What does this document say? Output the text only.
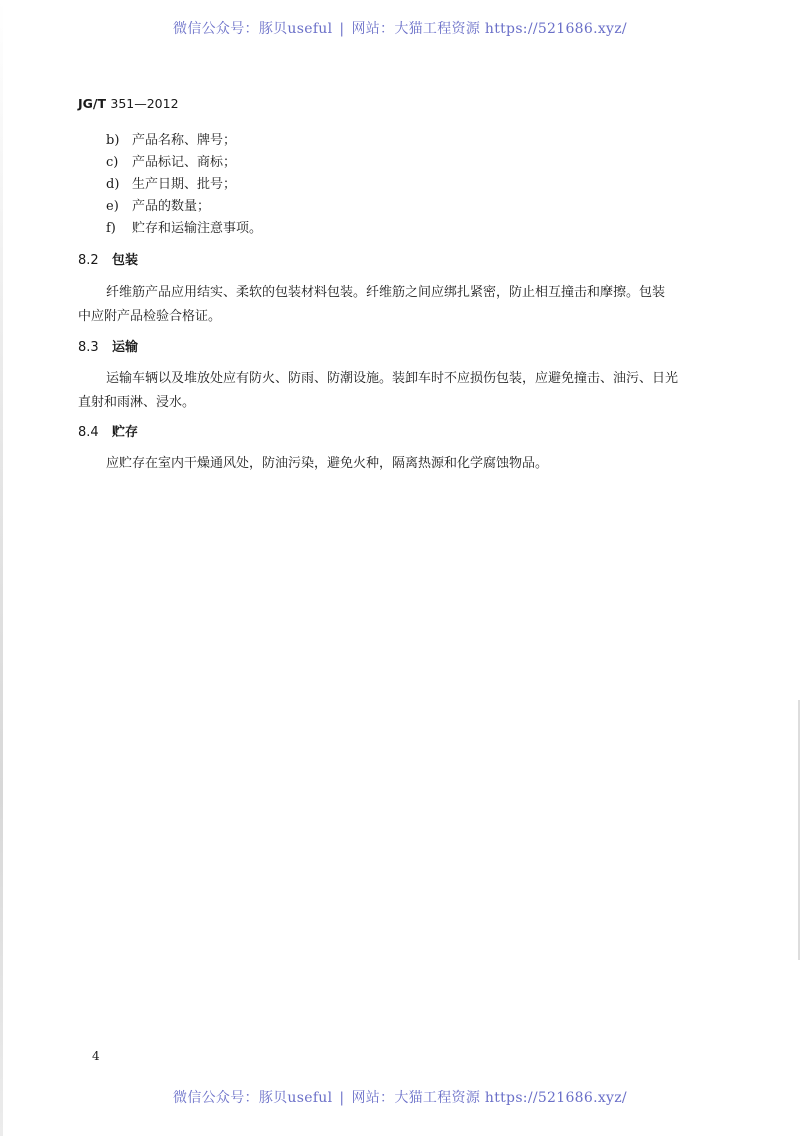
微信公众号：豚贝useful | 网站：大猫工程资源 https://521686.xyz/
JG/T 351—2012
b) 产品名称、牌号；
c) 产品标记、商标；
d) 生产日期、批号；
e) 产品的数量；
f) 贮存和运输注意事项。
8.2 包装

纤维筋产品应用结实、柔软的包装材料包装。纤维筋之间应绑扎紧密，防止相互撞击和摩擦。包装
中应附产品检验合格证。

8.3 运输

运输车辆以及堆放处应有防火、防雨、防潮设施。装卸车时不应损伤包装，应避免撞击、油污、日光
直射和雨淋、浸水。

8.4 贮存

应贮存在室内干燥通风处，防油污染，避免火种，隔离热源和化学腐蚀物品。

4
微信公众号：豚贝useful | 网站：大猫工程资源 https://521686.xyz/
